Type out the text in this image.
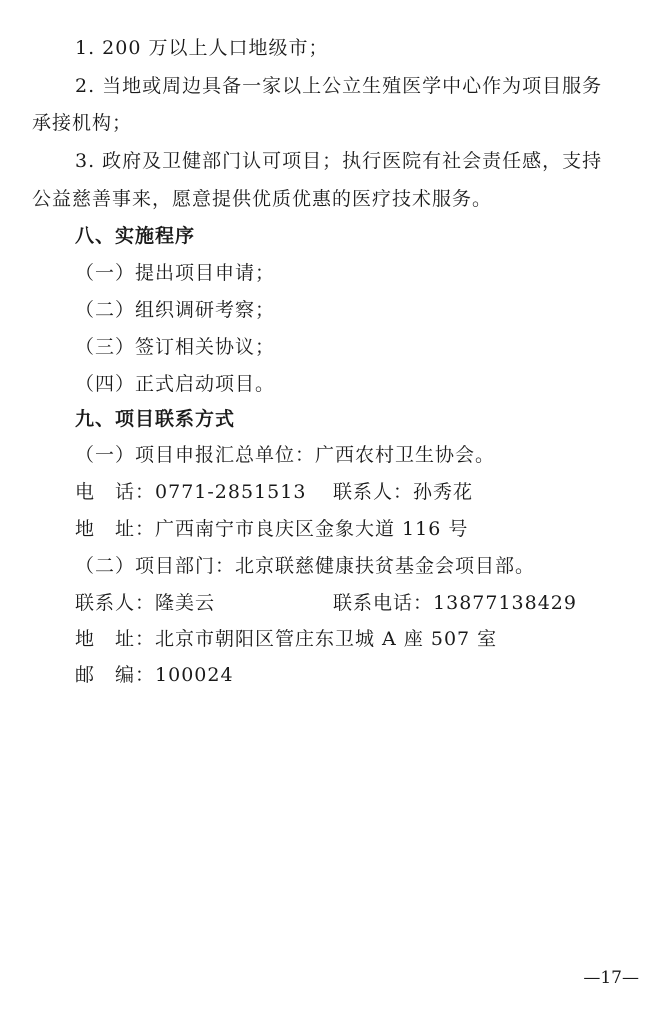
1. 200 万以上人口地级市；
2. 当地或周边具备一家以上公立生殖医学中心作为项目服务
承接机构；
3. 政府及卫健部门认可项目；执行医院有社会责任感，支持
公益慈善事来，愿意提供优质优惠的医疗技术服务。
八、实施程序
（一）提出项目申请；
（二）组织调研考察；
（三）签订相关协议；
（四）正式启动项目。
九、项目联系方式
（一）项目申报汇总单位：广西农村卫生协会。
电　话：0771-2851513 联系人：孙秀花
地　址：广西南宁市良庆区金象大道 116 号
（二）项目部门：北京联慈健康扶贫基金会项目部。
联系人：隆美云	联系电话：13877138429
地　址：北京市朝阳区管庄东卫城 A 座 507 室
邮　编：100024
—17—
